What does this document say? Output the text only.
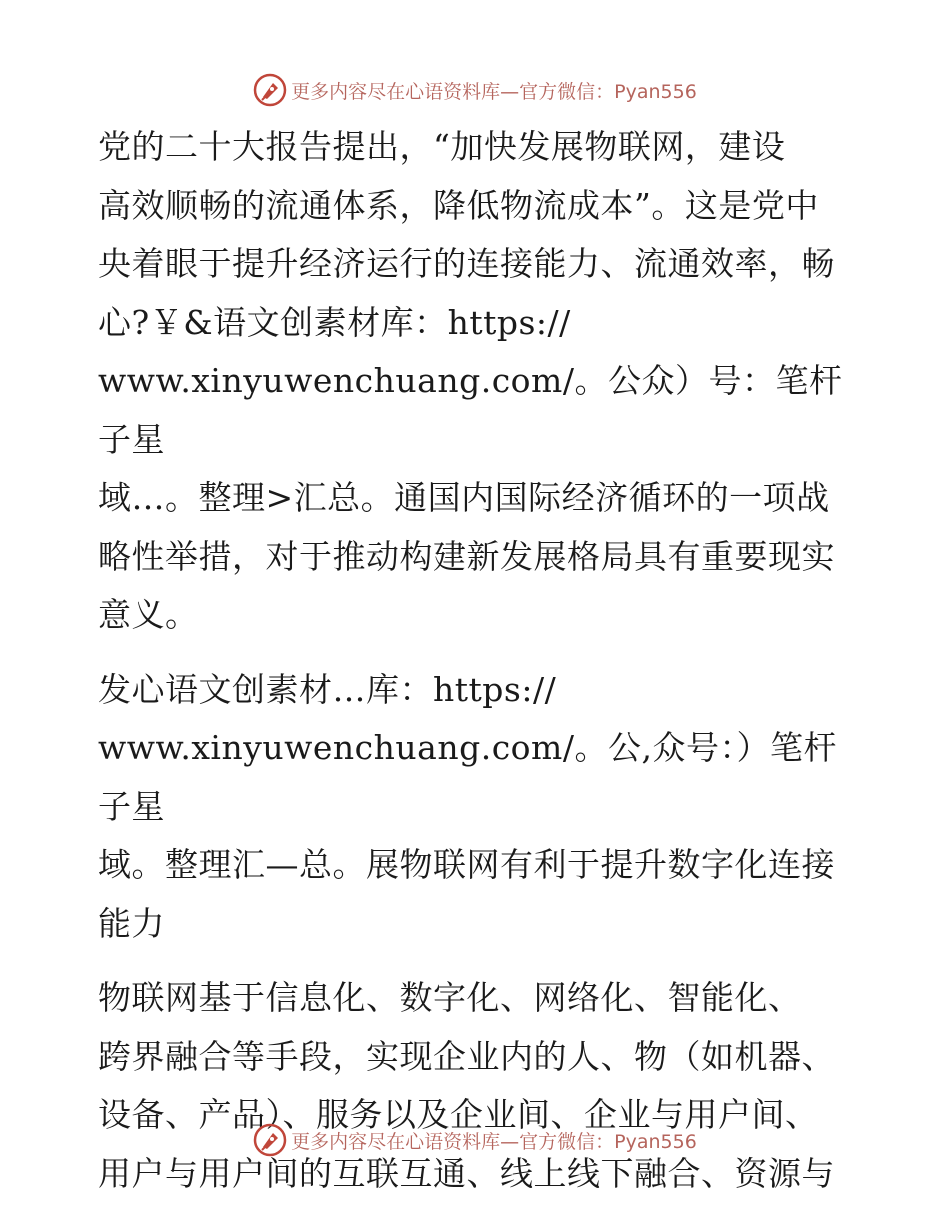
更多内容尽在心语资料库—官方微信：Pyan556

党的二十大报告提出，“加快发展物联网，建设
高效顺畅的流通体系，降低物流成本”。这是党中
央着眼于提升经济运行的连接能力、流通效率，畅
心?￥&语文创素材库：https://
www.xinyuwenchuang.com/。公众）号：笔杆子星
域…。整理>汇总。通国内国际经济循环的一项战
略性举措，对于推动构建新发展格局具有重要现实
意义。

发心语文创素材…库：https://
www.xinyuwenchuang.com/。公,众号：）笔杆子星
域。整理汇—总。展物联网有利于提升数字化连接
能力

物联网基于信息化、数字化、网络化、智能化、
跨界融合等手段，实现企业内的人、物（如机器、
设备、产品）、服务以及企业间、企业与用户间、
用户与用户间的互联互通、线上线下融合、资源与

更多内容尽在心语资料库—官方微信：Pyan556
